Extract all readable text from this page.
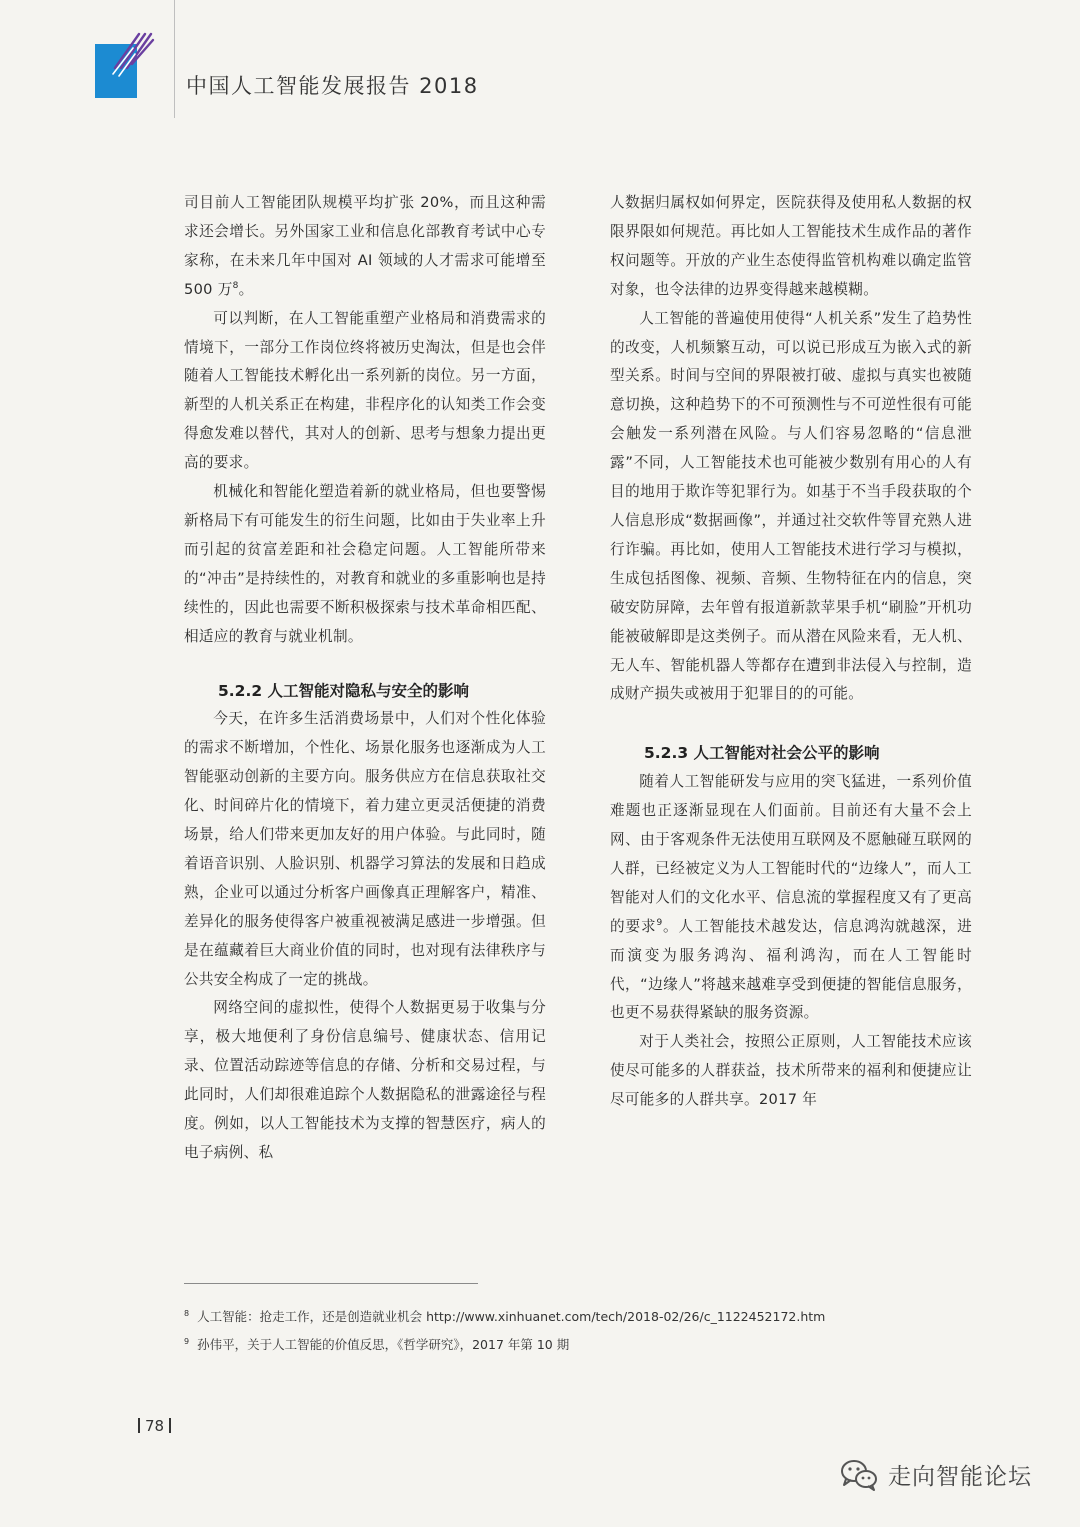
中国人工智能发展报告 2018

司目前人工智能团队规模平均扩张 20%，而且这种需求还会增长。另外国家工业和信息化部教育考试中心专家称，在未来几年中国对 AI 领域的人才需求可能增至 500 万$^8$。

可以判断，在人工智能重塑产业格局和消费需求的情境下，一部分工作岗位终将被历史淘汰，但是也会伴随着人工智能技术孵化出一系列新的岗位。另一方面，新型的人机关系正在构建，非程序化的认知类工作会变得愈发难以替代，其对人的创新、思考与想象力提出更高的要求。

机械化和智能化塑造着新的就业格局，但也要警惕新格局下有可能发生的衍生问题，比如由于失业率上升而引起的贫富差距和社会稳定问题。人工智能所带来的“冲击”是持续性的，对教育和就业的多重影响也是持续性的，因此也需要不断积极探索与技术革命相匹配、相适应的教育与就业机制。

5.2.2 人工智能对隐私与安全的影响

今天，在许多生活消费场景中，人们对个性化体验的需求不断增加，个性化、场景化服务也逐渐成为人工智能驱动创新的主要方向。服务供应方在信息获取社交化、时间碎片化的情境下，着力建立更灵活便捷的消费场景，给人们带来更加友好的用户体验。与此同时，随着语音识别、人脸识别、机器学习算法的发展和日趋成熟，企业可以通过分析客户画像真正理解客户，精准、差异化的服务使得客户被重视被满足感进一步增强。但是在蕴藏着巨大商业价值的同时，也对现有法律秩序与公共安全构成了一定的挑战。

网络空间的虚拟性，使得个人数据更易于收集与分享，极大地便利了身份信息编号、健康状态、信用记录、位置活动踪迹等信息的存储、分析和交易过程，与此同时，人们却很难追踪个人数据隐私的泄露途径与程度。例如，以人工智能技术为支撑的智慧医疗，病人的电子病例、私

人数据归属权如何界定，医院获得及使用私人数据的权限界限如何规范。再比如人工智能技术生成作品的著作权问题等。开放的产业生态使得监管机构难以确定监管对象，也令法律的边界变得越来越模糊。

人工智能的普遍使用使得“人机关系”发生了趋势性的改变，人机频繁互动，可以说已形成互为嵌入式的新型关系。时间与空间的界限被打破、虚拟与真实也被随意切换，这种趋势下的不可预测性与不可逆性很有可能会触发一系列潜在风险。与人们容易忽略的“信息泄露”不同，人工智能技术也可能被少数别有用心的人有目的地用于欺诈等犯罪行为。如基于不当手段获取的个人信息形成“数据画像”，并通过社交软件等冒充熟人进行诈骗。再比如，使用人工智能技术进行学习与模拟，生成包括图像、视频、音频、生物特征在内的信息，突破安防屏障，去年曾有报道新款苹果手机“刷脸”开机功能被破解即是这类例子。而从潜在风险来看，无人机、无人车、智能机器人等都存在遭到非法侵入与控制，造成财产损失或被用于犯罪目的的可能。

5.2.3 人工智能对社会公平的影响

随着人工智能研发与应用的突飞猛进，一系列价值难题也正逐渐显现在人们面前。目前还有大量不会上网、由于客观条件无法使用互联网及不愿触碰互联网的人群，已经被定义为人工智能时代的“边缘人”，而人工智能对人们的文化水平、信息流的掌握程度又有了更高的要求$^9$。人工智能技术越发达，信息鸿沟就越深，进而演变为服务鸿沟、福利鸿沟，而在人工智能时代，“边缘人”将越来越难享受到便捷的智能信息服务，也更不易获得紧缺的服务资源。

对于人类社会，按照公正原则，人工智能技术应该使尽可能多的人群获益，技术所带来的福利和便捷应让尽可能多的人群共享。2017 年

$^8$ 人工智能：抢走工作，还是创造就业机会 http://www.xinhuanet.com/tech/2018-02/26/c_1122452172.htm
$^9$ 孙伟平，关于人工智能的价值反思，《哲学研究》，2017 年第 10 期
78
走向智能论坛
